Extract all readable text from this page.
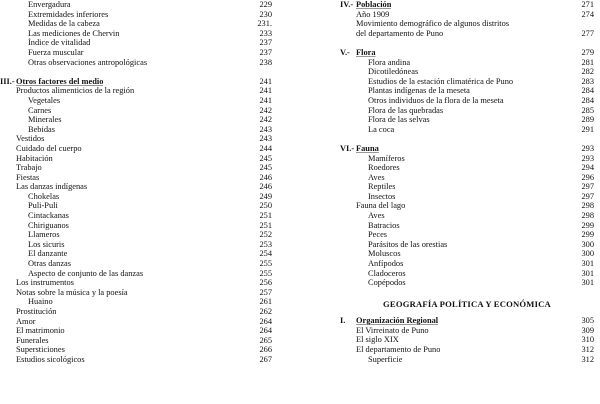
Envergadura	229
Extremidades inferiores	230
Medidas de la cabeza	231.
Las mediciones de Chervin	233
Índice de vitalidad	237
Fuerza muscular	237
Otras observaciones antropológicas	238
III.- Otros factores del medio	241
Productos alimenticios de la región	241
Vegetales	241
Carnes	242
Minerales	242
Bebidas	243
Vestidos	243
Cuidado del cuerpo	244
Habitación	245
Trabajo	245
Fiestas	246
Las danzas indígenas	246
Chokelas	249
Puli-Puli	250
Cintackanas	251
Chiriguanos	251
Llameros	252
Los sicuris	253
El danzante	254
Otras danzas	255
Aspecto de conjunto de las danzas	255
Los instrumentos	256
Notas sobre la música y la poesía	257
Huaino	261
Prostitución	262
Amor	264
El matrimonio	264
Funerales	265
Supersticiones	266
Estudios sicológicos	267
IV.- Población	271
Año 1909	274
Movimiento demográfico de algunos distritos
del departamento de Puno	277
V.- Flora	279
Flora andina	281
Dicotiledóneas	282
Estudios de la estación climatérica de Puno	283
Plantas indígenas de la meseta	284
Otros individuos de la flora de la meseta	284
Flora de las quebradas	285
Flora de las selvas	289
La coca	291
VI.- Fauna	293
Mamíferos	293
Roedores	294
Aves	296
Reptiles	297
Insectos	297
Fauna del lago	298
Aves	298
Batracios	299
Peces	299
Parásitos de las orestias	300
Moluscos	300
Anfípodos	301
Cladoceros	301
Copépodos	301
GEOGRAFÍA POLÍTICA Y ECONÓMICA
I. Organización Regional	305
El Virreinato de Puno	309
El siglo XIX	310
El departamento de Puno	312
Superficie	312
